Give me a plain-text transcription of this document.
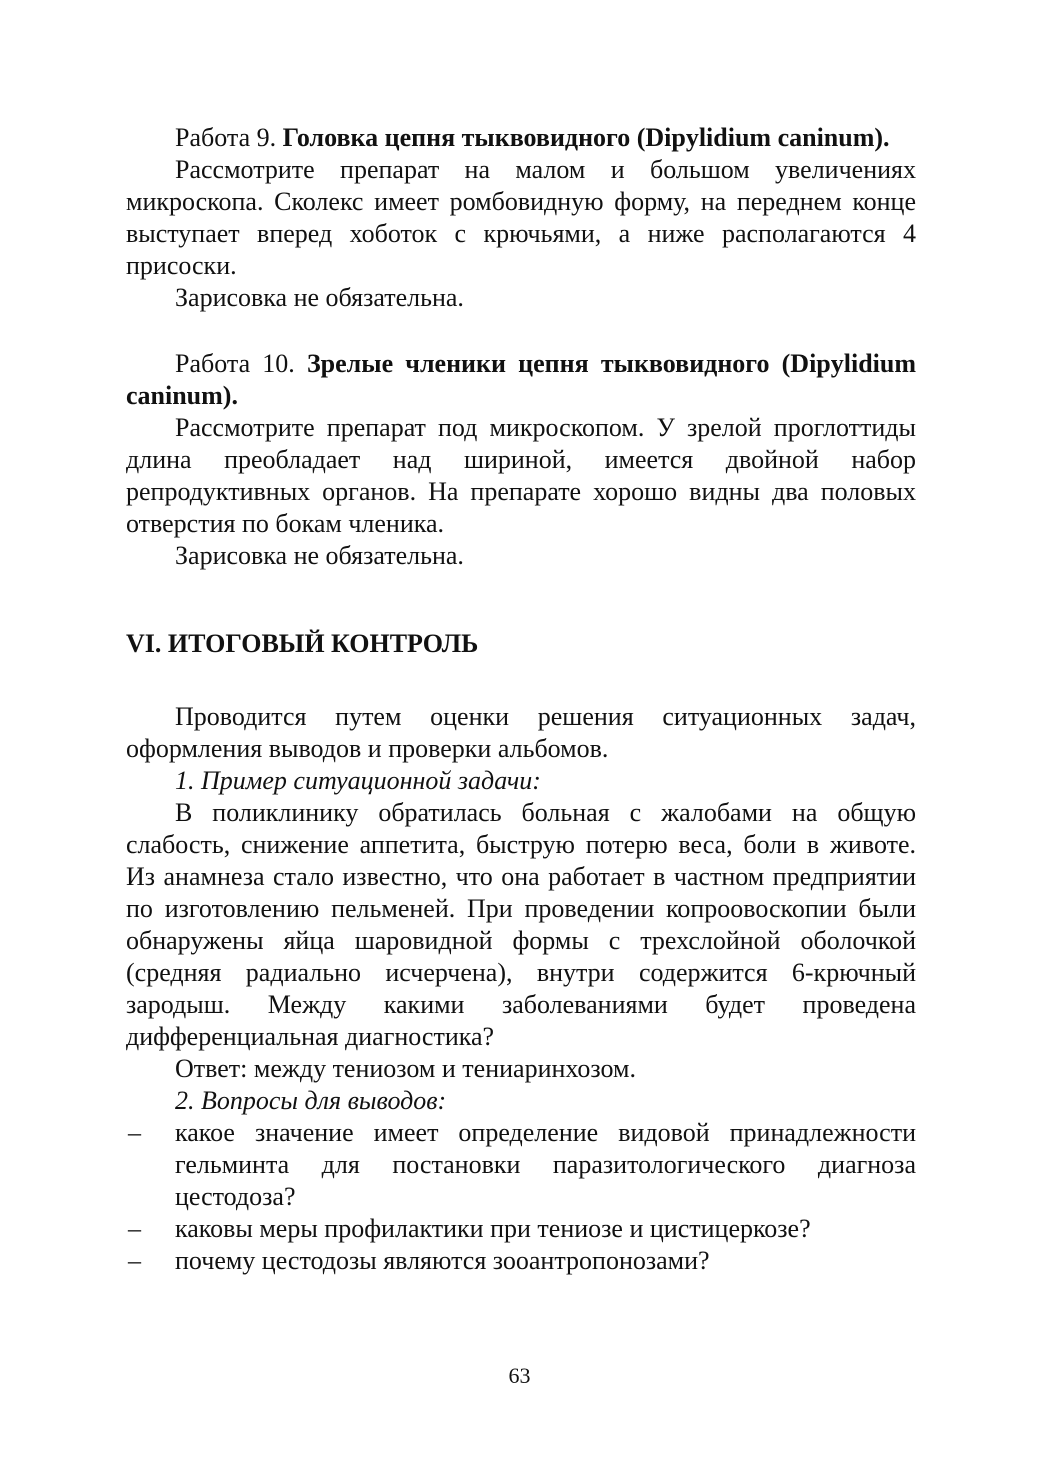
Работа 9. Головка цепня тыквовидного (Dipylidium caninum).

Рассмотрите препарат на малом и большом увеличениях микроскопа. Сколекс имеет ромбовидную форму, на переднем конце выступает вперед хоботок с крючьями, а ниже располагаются 4 присоски.

Зарисовка не обязательна.

Работа 10. Зрелые членики цепня тыквовидного (Dipylidium caninum).

Рассмотрите препарат под микроскопом. У зрелой проглоттиды длина преобладает над шириной, имеется двойной набор репродуктивных органов. На препарате хорошо видны два половых отверстия по бокам членика.

Зарисовка не обязательна.

VI. ИТОГОВЫЙ КОНТРОЛЬ

Проводится путем оценки решения ситуационных задач, оформления выводов и проверки альбомов.

1. Пример ситуационной задачи:

В поликлинику обратилась больная с жалобами на общую слабость, снижение аппетита, быструю потерю веса, боли в животе. Из анамнеза стало известно, что она работает в частном предприятии по изготовлению пельменей. При проведении копроовоскопии были обнаружены яйца шаровидной формы с трехслойной оболочкой (средняя радиально исчерчена), внутри содержится 6-крючный зародыш. Между какими заболеваниями будет проведена дифференциальная диагностика?

Ответ: между тениозом и тениаринхозом.

2. Вопросы для выводов:

– какое значение имеет определение видовой принадлежности гельминта для постановки паразитологического диагноза цестодоза?
– каковы меры профилактики при тениозе и цистицеркозе?
– почему цестодозы являются зооантропонозами?
63
